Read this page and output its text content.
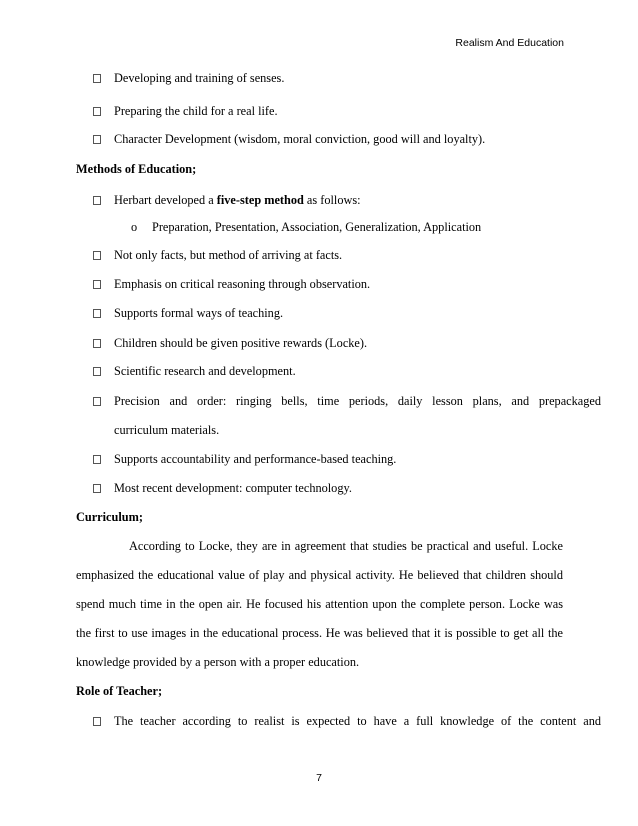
Realism And Education
Developing and training of senses.
Preparing the child for a real life.
Character Development (wisdom, moral conviction, good will and loyalty).
Methods of Education;
Herbart developed a five-step method as follows:
o Preparation, Presentation, Association, Generalization, Application
Not only facts, but method of arriving at facts.
Emphasis on critical reasoning through observation.
Supports formal ways of teaching.
Children should be given positive rewards (Locke).
Scientific research and development.
Precision and order: ringing bells, time periods, daily lesson plans, and prepackaged
curriculum materials.
Supports accountability and performance-based teaching.
Most recent development: computer technology.
Curriculum;
According to Locke, they are in agreement that studies be practical and useful. Locke
emphasized the educational value of play and physical activity. He believed that children should
spend much time in the open air. He focused his attention upon the complete person. Locke was
the first to use images in the educational process. He was believed that it is possible to get all the
knowledge provided by a person with a proper education.
Role of Teacher;
The teacher according to realist is expected to have a full knowledge of the content and
7
